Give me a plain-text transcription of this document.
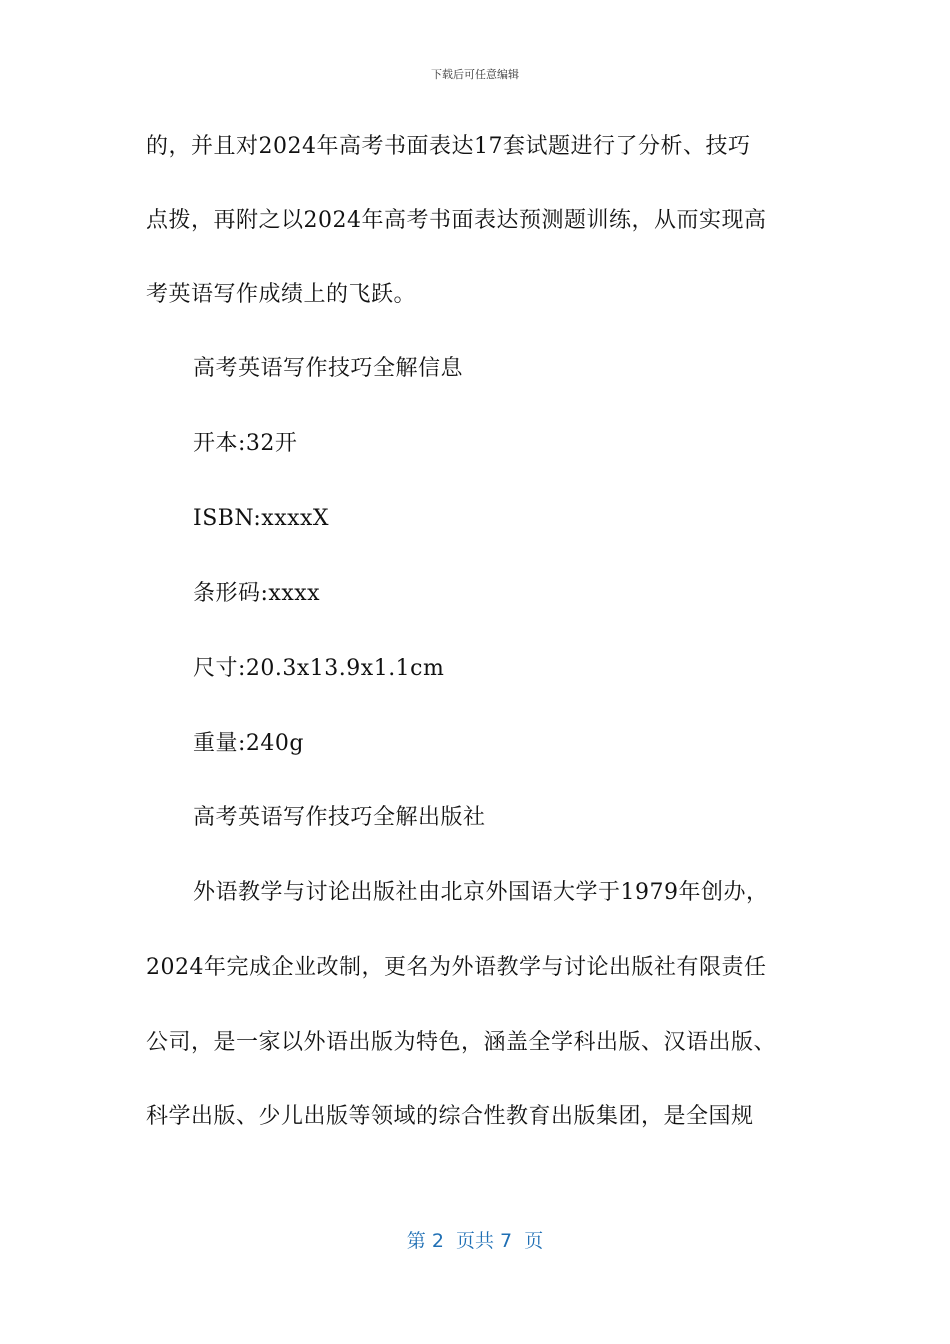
下载后可任意编辑
的，并且对2024年高考书面表达17套试题进行了分析、技巧
点拨，再附之以2024年高考书面表达预测题训练，从而实现高
考英语写作成绩上的飞跃。
高考英语写作技巧全解信息
开本:32开
ISBN:xxxxX
条形码:xxxx
尺寸:20.3x13.9x1.1cm
重量:240g
高考英语写作技巧全解出版社
外语教学与讨论出版社由北京外国语大学于1979年创办，
2024年完成企业改制，更名为外语教学与讨论出版社有限责任
公司，是一家以外语出版为特色，涵盖全学科出版、汉语出版、
科学出版、少儿出版等领域的综合性教育出版集团，是全国规
第 2  页共 7  页
